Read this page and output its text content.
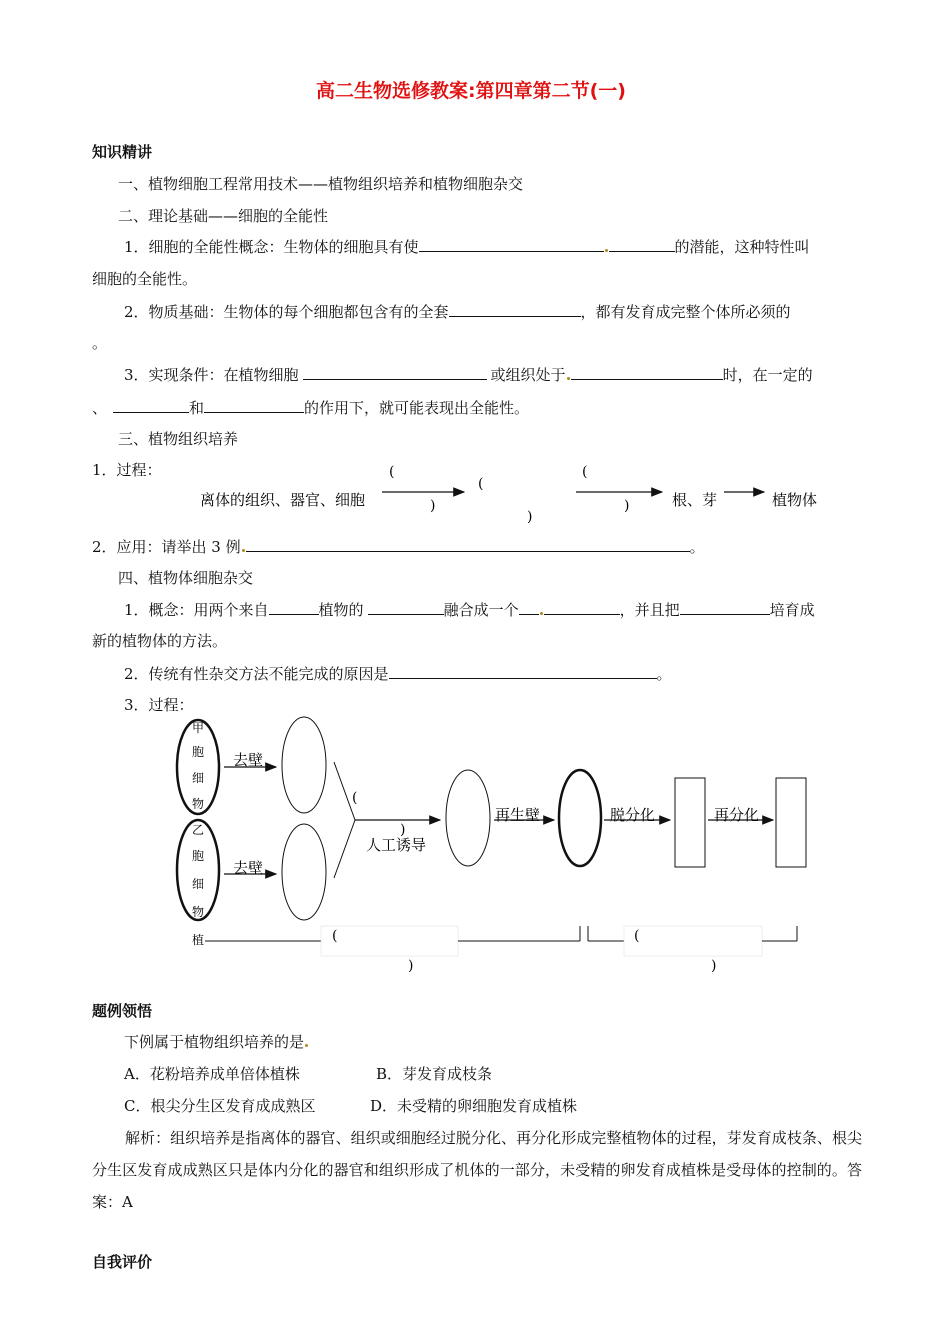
高二生物选修教案:第四章第二节(一)
知识精讲
一、植物细胞工程常用技术——植物组织培养和植物细胞杂交
二、理论基础——细胞的全能性
1．细胞的全能性概念：生物体的细胞具有使	的潜能，这种特性叫
细胞的全能性。
2．物质基础：生物体的每个细胞都包含有的全套	，都有发育成完整个体所必须的
。
3．实现条件：在植物细胞	或组织处于	时，在一定的
、	和	的作用下，就可能表现出全能性。
三、植物组织培养
1．过程：
离体的组织、器官、细胞
(
)
(
)
(
)	根、芽	植物体
2．应用：请举出 3 例	。
四、植物体细胞杂交
1．概念：用两个来自	植物的	融合成一个	，并且把	培育成
新的植物体的方法。
2．传统有性杂交方法不能完成的原因是	。
3．过程：
甲胞细物
乙胞细物植
去壁
去壁
(
)
人工诱导
再生壁	脱分化	再分化
(
)
(
)
题例领悟
下例属于植物组织培养的是
A．花粉培养成单倍体植株	B．芽发育成枝条
C．根尖分生区发育成成熟区	D．未受精的卵细胞发育成植株
解析：组织培养是指离体的器官、组织或细胞经过脱分化、再分化形成完整植物体的过程，芽发育成枝条、根尖分生区发育成成熟区只是体内分化的器官和组织形成了机体的一部分，未受精的卵发育成植株是受母体的控制的。答案：A
自我评价
